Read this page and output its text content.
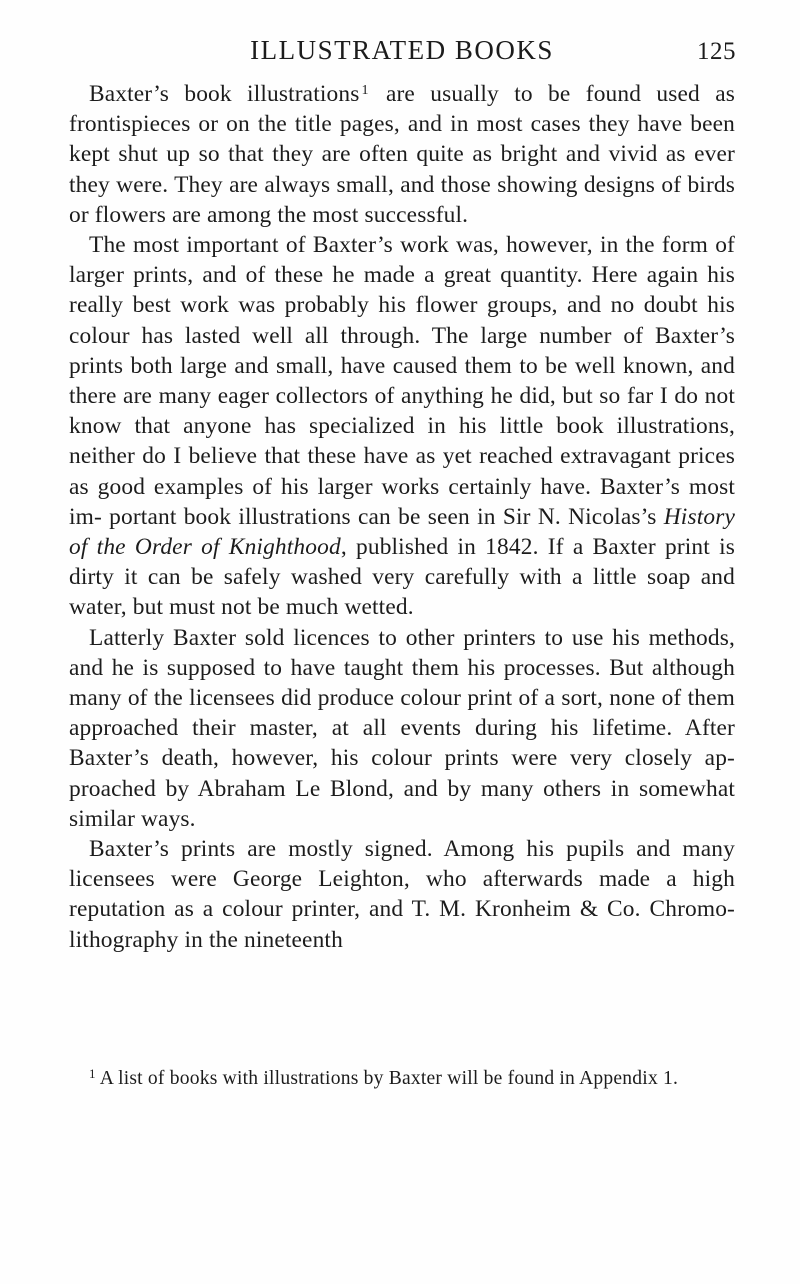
ILLUSTRATED BOOKS	125

Baxter’s book illustrations $^1$ are usually to be found used as frontispieces or on the title pages, and in most cases they have been kept shut up so that they are often quite as bright and vivid as ever they were. They are always small, and those showing designs of birds or flowers are among the most successful.

The most important of Baxter’s work was, however, in the form of larger prints, and of these he made a great quantity. Here again his really best work was probably his flower groups, and no doubt his colour has lasted well all through. The large number of Baxter’s prints both large and small, have caused them to be well known, and there are many eager collectors of anything he did, but so far I do not know that anyone has specialized in his little book illustrations, neither do I believe that these have as yet reached extravagant prices as good examples of his larger works certainly have. Baxter’s most im- portant book illustrations can be seen in Sir N. Nicolas’s History of the Order of Knighthood, published in 1842. If a Baxter print is dirty it can be safely washed very carefully with a little soap and water, but must not be much wetted.

Latterly Baxter sold licences to other printers to use his methods, and he is supposed to have taught them his processes. But although many of the licensees did produce colour print of a sort, none of them approached their master, at all events during his lifetime. After Baxter’s death, however, his colour prints were very closely ap- proached by Abraham Le Blond, and by many others in somewhat similar ways.

Baxter’s prints are mostly signed. Among his pupils and many licensees were George Leighton, who afterwards made a high reputation as a colour printer, and T. M. Kronheim & Co. Chromo-lithography in the nineteenth

$^1$ A list of books with illustrations by Baxter will be found in Appendix 1.
